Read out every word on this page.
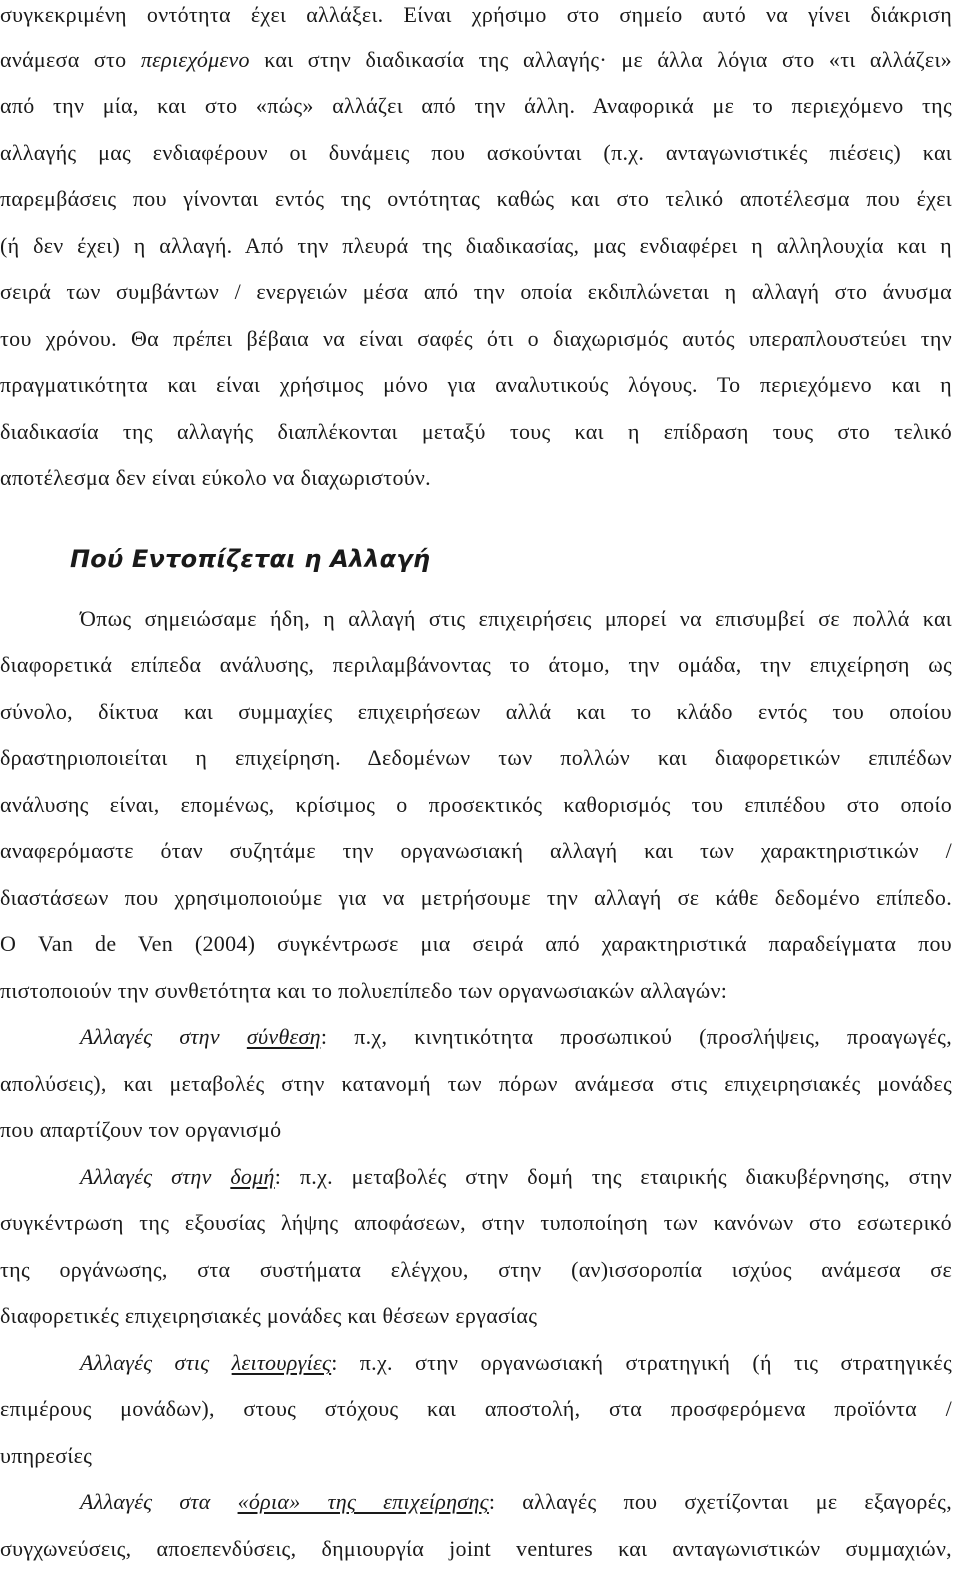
συγκεκριμένη οντότητα έχει αλλάξει. Είναι χρήσιμο στο σημείο αυτό να γίνει διάκριση
ανάμεσα στο περιεχόμενο και στην διαδικασία της αλλαγής· με άλλα λόγια στο «τι αλλάζει»
από την μία, και στο «πώς» αλλάζει από την άλλη. Αναφορικά με το περιεχόμενο της
αλλαγής μας ενδιαφέρουν οι δυνάμεις που ασκούνται (π.χ. ανταγωνιστικές πιέσεις) και
παρεμβάσεις που γίνονται εντός της οντότητας καθώς και στο τελικό αποτέλεσμα που έχει
(ή δεν έχει) η αλλαγή. Από την πλευρά της διαδικασίας, μας ενδιαφέρει η αλληλουχία και η
σειρά των συμβάντων / ενεργειών μέσα από την οποία εκδιπλώνεται η αλλαγή στο άνυσμα
του χρόνου. Θα πρέπει βέβαια να είναι σαφές ότι ο διαχωρισμός αυτός υπεραπλουστεύει την
πραγματικότητα και είναι χρήσιμος μόνο για αναλυτικούς λόγους. Το περιεχόμενο και η
διαδικασία της αλλαγής διαπλέκονται μεταξύ τους και η επίδραση τους στο τελικό
αποτέλεσμα δεν είναι εύκολο να διαχωριστούν.
Πού Εντοπίζεται η Αλλαγή
Όπως σημειώσαμε ήδη, η αλλαγή στις επιχειρήσεις μπορεί να επισυμβεί σε πολλά και
διαφορετικά επίπεδα ανάλυσης, περιλαμβάνοντας το άτομο, την ομάδα, την επιχείρηση ως
σύνολο, δίκτυα και συμμαχίες επιχειρήσεων αλλά και το κλάδο εντός του οποίου
δραστηριοποιείται η επιχείρηση. Δεδομένων των πολλών και διαφορετικών επιπέδων
ανάλυσης είναι, επομένως, κρίσιμος ο προσεκτικός καθορισμός του επιπέδου στο οποίο
αναφερόμαστε όταν συζητάμε την οργανωσιακή αλλαγή και των χαρακτηριστικών /
διαστάσεων που χρησιμοποιούμε για να μετρήσουμε την αλλαγή σε κάθε δεδομένο επίπεδο.
Ο Van de Ven (2004) συγκέντρωσε μια σειρά από χαρακτηριστικά παραδείγματα που
πιστοποιούν την συνθετότητα και το πολυεπίπεδο των οργανωσιακών αλλαγών:
Αλλαγές στην σύνθεση: π.χ, κινητικότητα προσωπικού (προσλήψεις, προαγωγές,
απολύσεις), και μεταβολές στην κατανομή των πόρων ανάμεσα στις επιχειρησιακές μονάδες
που απαρτίζουν τον οργανισμό
Αλλαγές στην δομή: π.χ. μεταβολές στην δομή της εταιρικής διακυβέρνησης, στην
συγκέντρωση της εξουσίας λήψης αποφάσεων, στην τυποποίηση των κανόνων στο εσωτερικό
της οργάνωσης, στα συστήματα ελέγχου, στην (αν)ισσοροπία ισχύος ανάμεσα σε
διαφορετικές επιχειρησιακές μονάδες και θέσεων εργασίας
Αλλαγές στις λειτουργίες: π.χ. στην οργανωσιακή στρατηγική (ή τις στρατηγικές
επιμέρους μονάδων), στους στόχους και αποστολή, στα προσφερόμενα προϊόντα /
υπηρεσίες
Αλλαγές στα «όρια» της επιχείρησης: αλλαγές που σχετίζονται με εξαγορές,
συγχωνεύσεις, αποεπενδύσεις, δημιουργία joint ventures και ανταγωνιστικών συμμαχιών,
